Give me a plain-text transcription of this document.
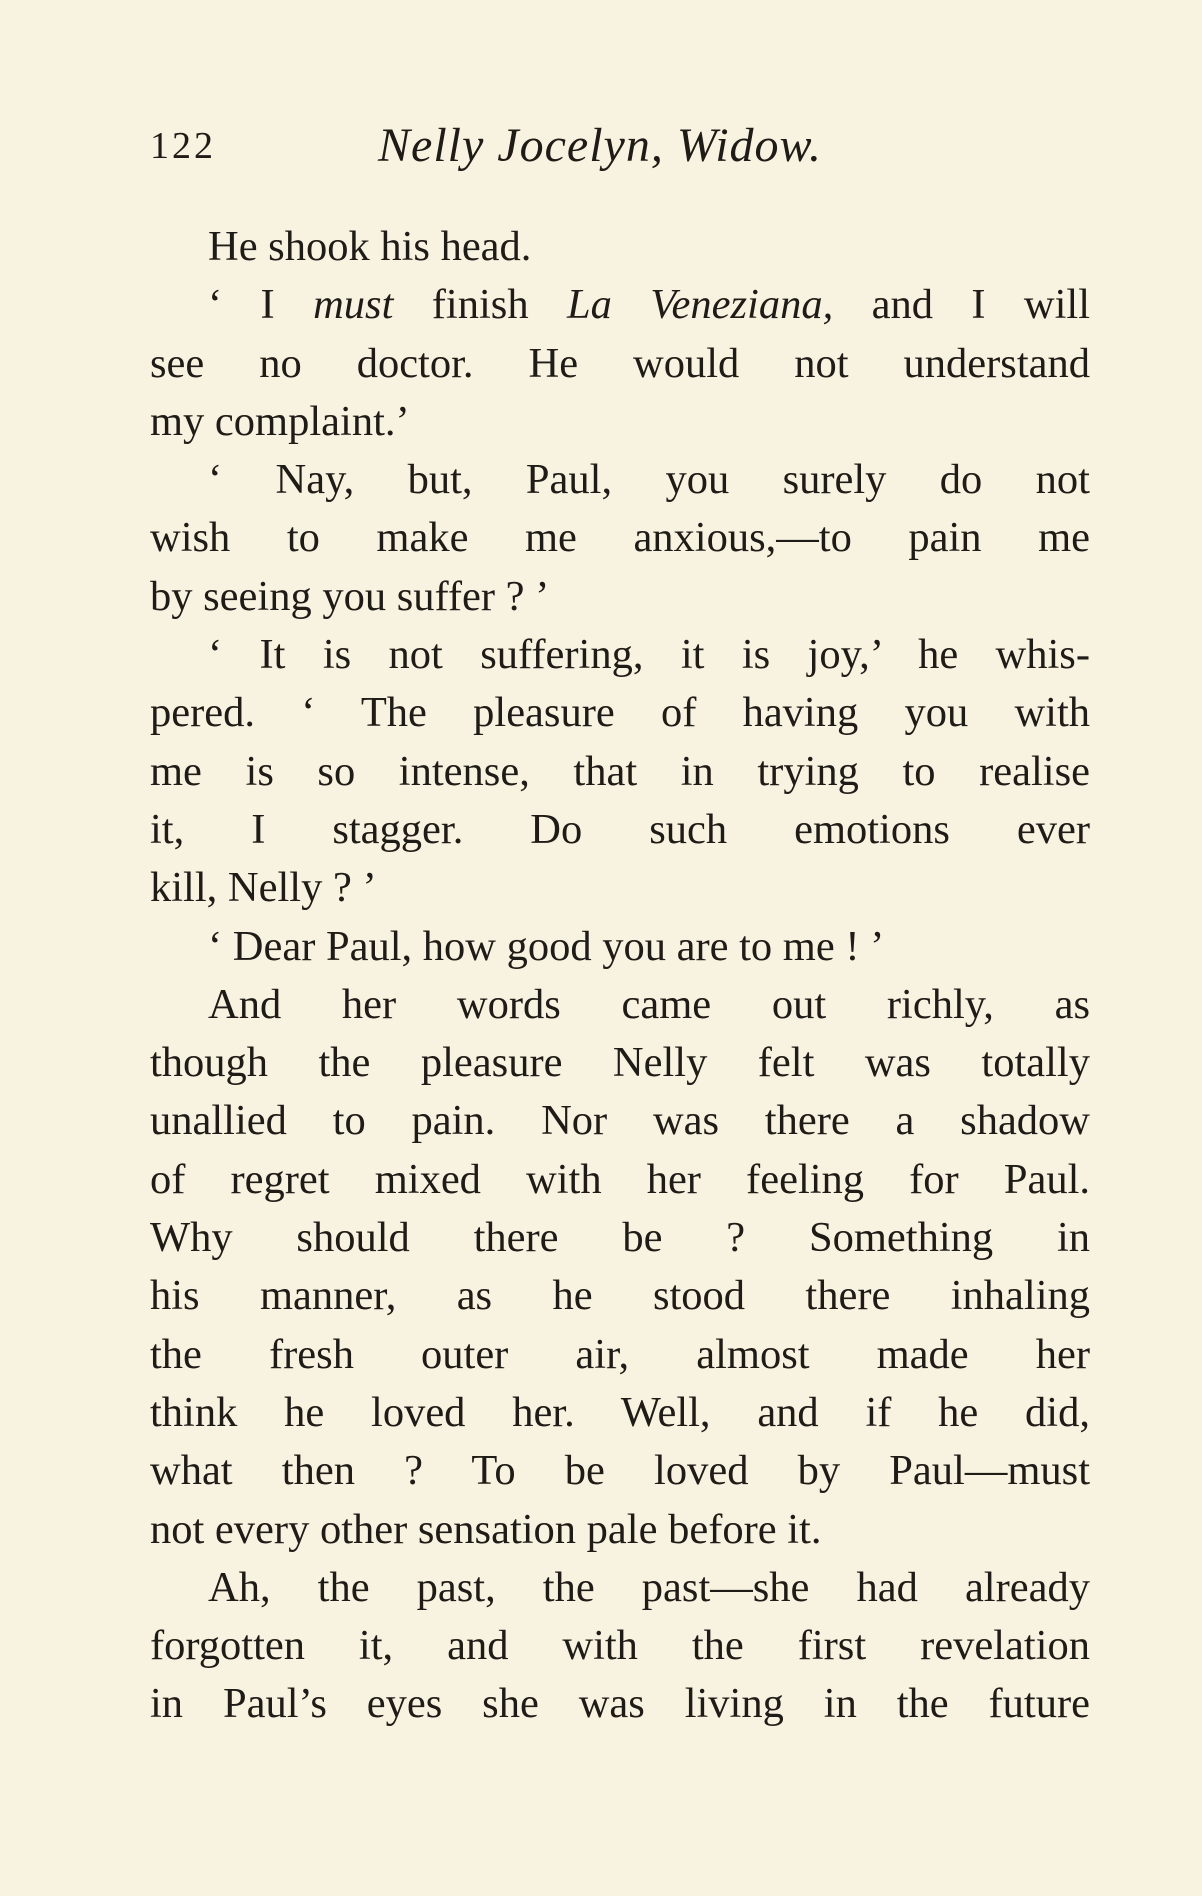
122	Nelly Jocelyn, Widow.
He shook his head.
‘ I must finish La Veneziana, and I will
see no doctor. He would not understand
my complaint.’
‘ Nay, but, Paul, you surely do not
wish to make me anxious,—to pain me
by seeing you suffer ? ’
‘ It is not suffering, it is joy,’ he whis-
pered. ‘ The pleasure of having you with
me is so intense, that in trying to realise
it, I stagger. Do such emotions ever
kill, Nelly ? ’
‘ Dear Paul, how good you are to me ! ’
And her words came out richly, as
though the pleasure Nelly felt was totally
unallied to pain. Nor was there a shadow
of regret mixed with her feeling for Paul.
Why should there be ? Something in
his manner, as he stood there inhaling
the fresh outer air, almost made her
think he loved her. Well, and if he did,
what then ? To be loved by Paul—must
not every other sensation pale before it.
Ah, the past, the past—she had already
forgotten it, and with the first revelation
in Paul’s eyes she was living in the future
